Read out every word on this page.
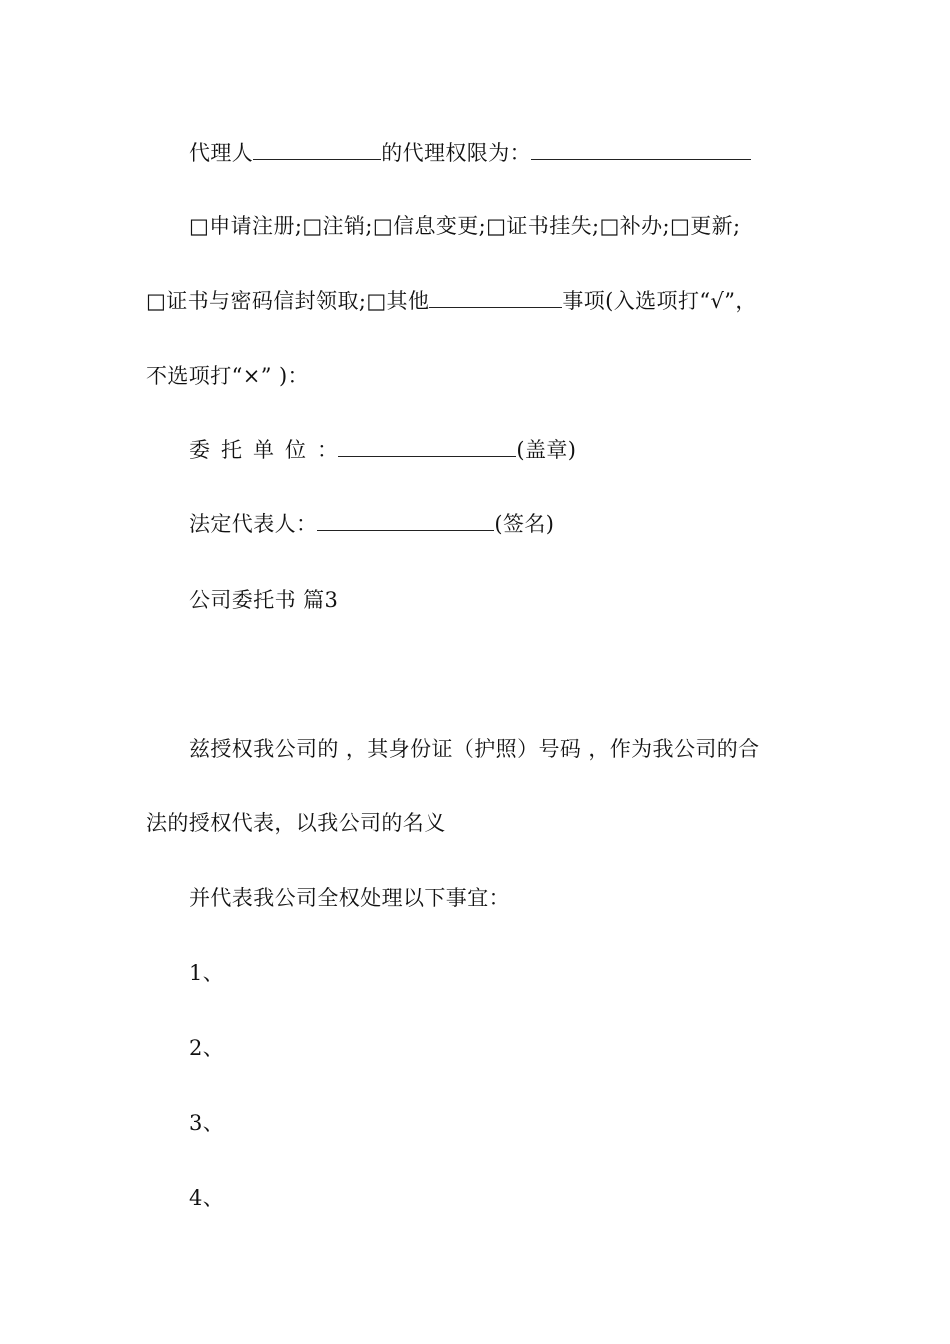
代理人	的代理权限为：
□申请注册;□注销;□信息变更;□证书挂失;□补办;□更新;
□证书与密码信封领取;□其他	事项(入选项打“√”，
不选项打“×” )：
委托单位：	(盖章)
法定代表人：	(签名)
公司委托书 篇3
兹授权我公司的 ，其身份证（护照）号码 ，作为我公司的合
法的授权代表，以我公司的名义
并代表我公司全权处理以下事宜：
1、
2、
3、
4、
